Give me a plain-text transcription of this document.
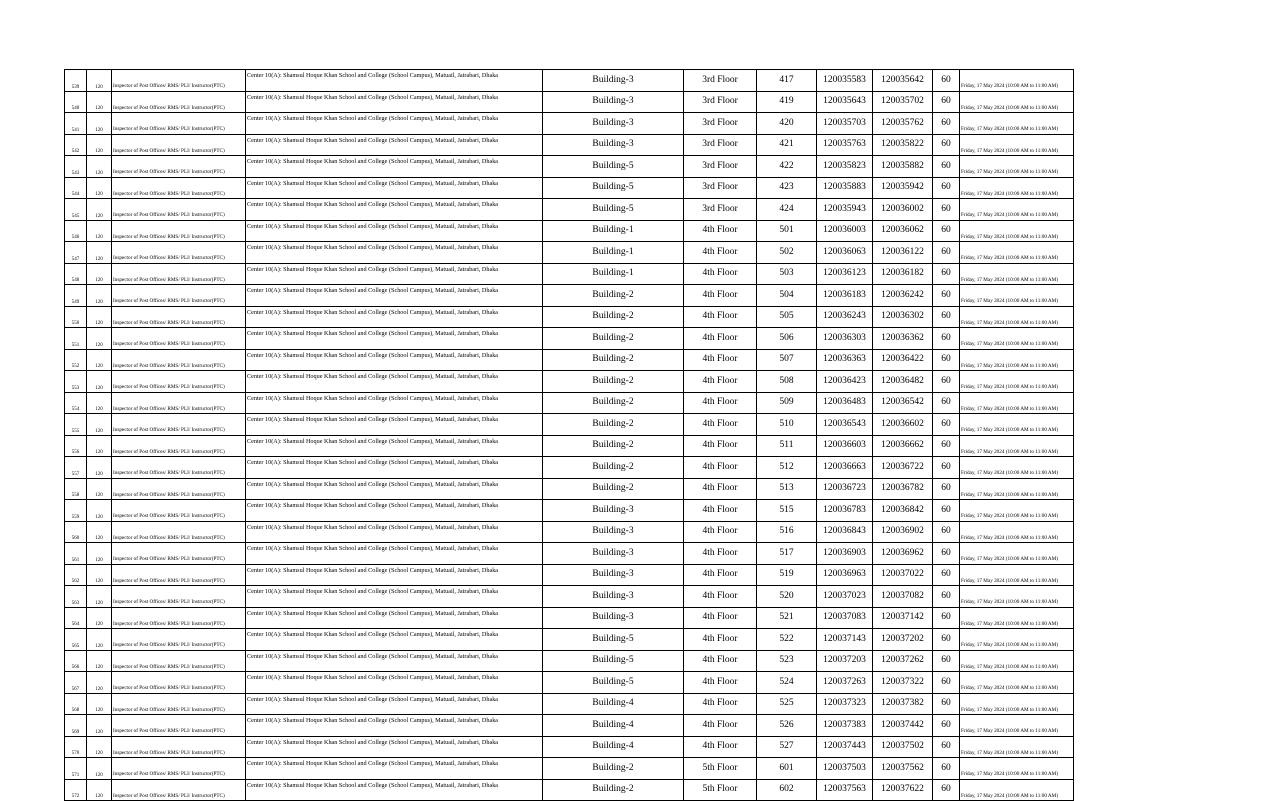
539	120	Inspector of Post Offices/ RMS/ PLI/ Instructor(PTC)	Center 10(A): Shamsul Hoque Khan School and College (School Campus), Matuail, Jatrabari, Dhaka	Building-3	3rd Floor	417	120035583	120035642	60	Friday, 17 May 2024 (10:00 AM to 11:00 AM)
540	120	Inspector of Post Offices/ RMS/ PLI/ Instructor(PTC)	Center 10(A): Shamsul Hoque Khan School and College (School Campus), Matuail, Jatrabari, Dhaka	Building-3	3rd Floor	419	120035643	120035702	60	Friday, 17 May 2024 (10:00 AM to 11:00 AM)
541	120	Inspector of Post Offices/ RMS/ PLI/ Instructor(PTC)	Center 10(A): Shamsul Hoque Khan School and College (School Campus), Matuail, Jatrabari, Dhaka	Building-3	3rd Floor	420	120035703	120035762	60	Friday, 17 May 2024 (10:00 AM to 11:00 AM)
542	120	Inspector of Post Offices/ RMS/ PLI/ Instructor(PTC)	Center 10(A): Shamsul Hoque Khan School and College (School Campus), Matuail, Jatrabari, Dhaka	Building-3	3rd Floor	421	120035763	120035822	60	Friday, 17 May 2024 (10:00 AM to 11:00 AM)
543	120	Inspector of Post Offices/ RMS/ PLI/ Instructor(PTC)	Center 10(A): Shamsul Hoque Khan School and College (School Campus), Matuail, Jatrabari, Dhaka	Building-5	3rd Floor	422	120035823	120035882	60	Friday, 17 May 2024 (10:00 AM to 11:00 AM)
544	120	Inspector of Post Offices/ RMS/ PLI/ Instructor(PTC)	Center 10(A): Shamsul Hoque Khan School and College (School Campus), Matuail, Jatrabari, Dhaka	Building-5	3rd Floor	423	120035883	120035942	60	Friday, 17 May 2024 (10:00 AM to 11:00 AM)
545	120	Inspector of Post Offices/ RMS/ PLI/ Instructor(PTC)	Center 10(A): Shamsul Hoque Khan School and College (School Campus), Matuail, Jatrabari, Dhaka	Building-5	3rd Floor	424	120035943	120036002	60	Friday, 17 May 2024 (10:00 AM to 11:00 AM)
546	120	Inspector of Post Offices/ RMS/ PLI/ Instructor(PTC)	Center 10(A): Shamsul Hoque Khan School and College (School Campus), Matuail, Jatrabari, Dhaka	Building-1	4th Floor	501	120036003	120036062	60	Friday, 17 May 2024 (10:00 AM to 11:00 AM)
547	120	Inspector of Post Offices/ RMS/ PLI/ Instructor(PTC)	Center 10(A): Shamsul Hoque Khan School and College (School Campus), Matuail, Jatrabari, Dhaka	Building-1	4th Floor	502	120036063	120036122	60	Friday, 17 May 2024 (10:00 AM to 11:00 AM)
548	120	Inspector of Post Offices/ RMS/ PLI/ Instructor(PTC)	Center 10(A): Shamsul Hoque Khan School and College (School Campus), Matuail, Jatrabari, Dhaka	Building-1	4th Floor	503	120036123	120036182	60	Friday, 17 May 2024 (10:00 AM to 11:00 AM)
549	120	Inspector of Post Offices/ RMS/ PLI/ Instructor(PTC)	Center 10(A): Shamsul Hoque Khan School and College (School Campus), Matuail, Jatrabari, Dhaka	Building-2	4th Floor	504	120036183	120036242	60	Friday, 17 May 2024 (10:00 AM to 11:00 AM)
550	120	Inspector of Post Offices/ RMS/ PLI/ Instructor(PTC)	Center 10(A): Shamsul Hoque Khan School and College (School Campus), Matuail, Jatrabari, Dhaka	Building-2	4th Floor	505	120036243	120036302	60	Friday, 17 May 2024 (10:00 AM to 11:00 AM)
551	120	Inspector of Post Offices/ RMS/ PLI/ Instructor(PTC)	Center 10(A): Shamsul Hoque Khan School and College (School Campus), Matuail, Jatrabari, Dhaka	Building-2	4th Floor	506	120036303	120036362	60	Friday, 17 May 2024 (10:00 AM to 11:00 AM)
552	120	Inspector of Post Offices/ RMS/ PLI/ Instructor(PTC)	Center 10(A): Shamsul Hoque Khan School and College (School Campus), Matuail, Jatrabari, Dhaka	Building-2	4th Floor	507	120036363	120036422	60	Friday, 17 May 2024 (10:00 AM to 11:00 AM)
553	120	Inspector of Post Offices/ RMS/ PLI/ Instructor(PTC)	Center 10(A): Shamsul Hoque Khan School and College (School Campus), Matuail, Jatrabari, Dhaka	Building-2	4th Floor	508	120036423	120036482	60	Friday, 17 May 2024 (10:00 AM to 11:00 AM)
554	120	Inspector of Post Offices/ RMS/ PLI/ Instructor(PTC)	Center 10(A): Shamsul Hoque Khan School and College (School Campus), Matuail, Jatrabari, Dhaka	Building-2	4th Floor	509	120036483	120036542	60	Friday, 17 May 2024 (10:00 AM to 11:00 AM)
555	120	Inspector of Post Offices/ RMS/ PLI/ Instructor(PTC)	Center 10(A): Shamsul Hoque Khan School and College (School Campus), Matuail, Jatrabari, Dhaka	Building-2	4th Floor	510	120036543	120036602	60	Friday, 17 May 2024 (10:00 AM to 11:00 AM)
556	120	Inspector of Post Offices/ RMS/ PLI/ Instructor(PTC)	Center 10(A): Shamsul Hoque Khan School and College (School Campus), Matuail, Jatrabari, Dhaka	Building-2	4th Floor	511	120036603	120036662	60	Friday, 17 May 2024 (10:00 AM to 11:00 AM)
557	120	Inspector of Post Offices/ RMS/ PLI/ Instructor(PTC)	Center 10(A): Shamsul Hoque Khan School and College (School Campus), Matuail, Jatrabari, Dhaka	Building-2	4th Floor	512	120036663	120036722	60	Friday, 17 May 2024 (10:00 AM to 11:00 AM)
558	120	Inspector of Post Offices/ RMS/ PLI/ Instructor(PTC)	Center 10(A): Shamsul Hoque Khan School and College (School Campus), Matuail, Jatrabari, Dhaka	Building-2	4th Floor	513	120036723	120036782	60	Friday, 17 May 2024 (10:00 AM to 11:00 AM)
559	120	Inspector of Post Offices/ RMS/ PLI/ Instructor(PTC)	Center 10(A): Shamsul Hoque Khan School and College (School Campus), Matuail, Jatrabari, Dhaka	Building-3	4th Floor	515	120036783	120036842	60	Friday, 17 May 2024 (10:00 AM to 11:00 AM)
560	120	Inspector of Post Offices/ RMS/ PLI/ Instructor(PTC)	Center 10(A): Shamsul Hoque Khan School and College (School Campus), Matuail, Jatrabari, Dhaka	Building-3	4th Floor	516	120036843	120036902	60	Friday, 17 May 2024 (10:00 AM to 11:00 AM)
561	120	Inspector of Post Offices/ RMS/ PLI/ Instructor(PTC)	Center 10(A): Shamsul Hoque Khan School and College (School Campus), Matuail, Jatrabari, Dhaka	Building-3	4th Floor	517	120036903	120036962	60	Friday, 17 May 2024 (10:00 AM to 11:00 AM)
562	120	Inspector of Post Offices/ RMS/ PLI/ Instructor(PTC)	Center 10(A): Shamsul Hoque Khan School and College (School Campus), Matuail, Jatrabari, Dhaka	Building-3	4th Floor	519	120036963	120037022	60	Friday, 17 May 2024 (10:00 AM to 11:00 AM)
563	120	Inspector of Post Offices/ RMS/ PLI/ Instructor(PTC)	Center 10(A): Shamsul Hoque Khan School and College (School Campus), Matuail, Jatrabari, Dhaka	Building-3	4th Floor	520	120037023	120037082	60	Friday, 17 May 2024 (10:00 AM to 11:00 AM)
564	120	Inspector of Post Offices/ RMS/ PLI/ Instructor(PTC)	Center 10(A): Shamsul Hoque Khan School and College (School Campus), Matuail, Jatrabari, Dhaka	Building-3	4th Floor	521	120037083	120037142	60	Friday, 17 May 2024 (10:00 AM to 11:00 AM)
565	120	Inspector of Post Offices/ RMS/ PLI/ Instructor(PTC)	Center 10(A): Shamsul Hoque Khan School and College (School Campus), Matuail, Jatrabari, Dhaka	Building-5	4th Floor	522	120037143	120037202	60	Friday, 17 May 2024 (10:00 AM to 11:00 AM)
566	120	Inspector of Post Offices/ RMS/ PLI/ Instructor(PTC)	Center 10(A): Shamsul Hoque Khan School and College (School Campus), Matuail, Jatrabari, Dhaka	Building-5	4th Floor	523	120037203	120037262	60	Friday, 17 May 2024 (10:00 AM to 11:00 AM)
567	120	Inspector of Post Offices/ RMS/ PLI/ Instructor(PTC)	Center 10(A): Shamsul Hoque Khan School and College (School Campus), Matuail, Jatrabari, Dhaka	Building-5	4th Floor	524	120037263	120037322	60	Friday, 17 May 2024 (10:00 AM to 11:00 AM)
568	120	Inspector of Post Offices/ RMS/ PLI/ Instructor(PTC)	Center 10(A): Shamsul Hoque Khan School and College (School Campus), Matuail, Jatrabari, Dhaka	Building-4	4th Floor	525	120037323	120037382	60	Friday, 17 May 2024 (10:00 AM to 11:00 AM)
569	120	Inspector of Post Offices/ RMS/ PLI/ Instructor(PTC)	Center 10(A): Shamsul Hoque Khan School and College (School Campus), Matuail, Jatrabari, Dhaka	Building-4	4th Floor	526	120037383	120037442	60	Friday, 17 May 2024 (10:00 AM to 11:00 AM)
570	120	Inspector of Post Offices/ RMS/ PLI/ Instructor(PTC)	Center 10(A): Shamsul Hoque Khan School and College (School Campus), Matuail, Jatrabari, Dhaka	Building-4	4th Floor	527	120037443	120037502	60	Friday, 17 May 2024 (10:00 AM to 11:00 AM)
571	120	Inspector of Post Offices/ RMS/ PLI/ Instructor(PTC)	Center 10(A): Shamsul Hoque Khan School and College (School Campus), Matuail, Jatrabari, Dhaka	Building-2	5th Floor	601	120037503	120037562	60	Friday, 17 May 2024 (10:00 AM to 11:00 AM)
572	120	Inspector of Post Offices/ RMS/ PLI/ Instructor(PTC)	Center 10(A): Shamsul Hoque Khan School and College (School Campus), Matuail, Jatrabari, Dhaka	Building-2	5th Floor	602	120037563	120037622	60	Friday, 17 May 2024 (10:00 AM to 11:00 AM)
